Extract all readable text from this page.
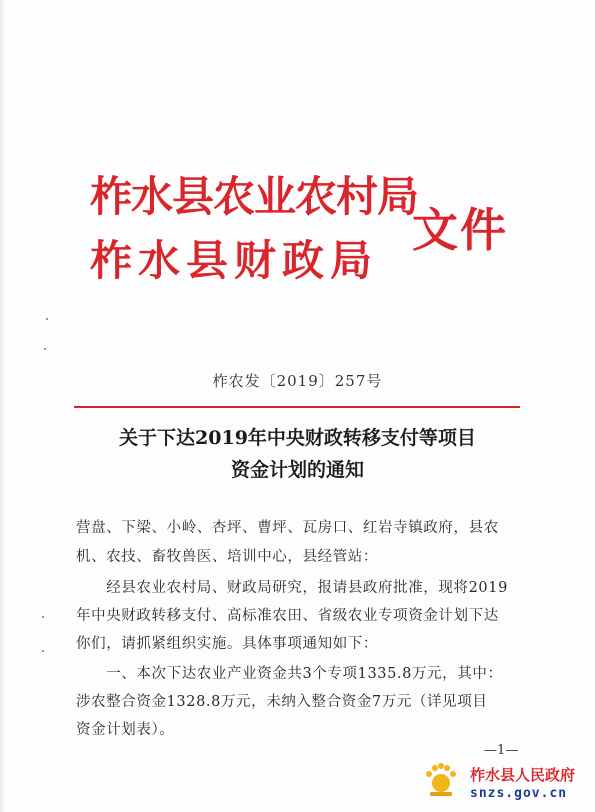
柞水县农业农村局
柞水县财政局
文件
柞农发〔2019〕257号
关于下达2019年中央财政转移支付等项目
资金计划的通知
营盘、下梁、小岭、杏坪、曹坪、瓦房口、红岩寺镇政府，县农
机、农技、畜牧兽医、培训中心，县经管站：
　　经县农业农村局、财政局研究，报请县政府批准，现将2019
年中央财政转移支付、高标准农田、省级农业专项资金计划下达
你们，请抓紧组织实施。具体事项通知如下：
　　一、本次下达农业产业资金共3个专项1335.8万元，其中：
涉农整合资金1328.8万元，未纳入整合资金7万元（详见项目
资金计划表）。
—1—
柞水县人民政府
snzs.gov.cn
